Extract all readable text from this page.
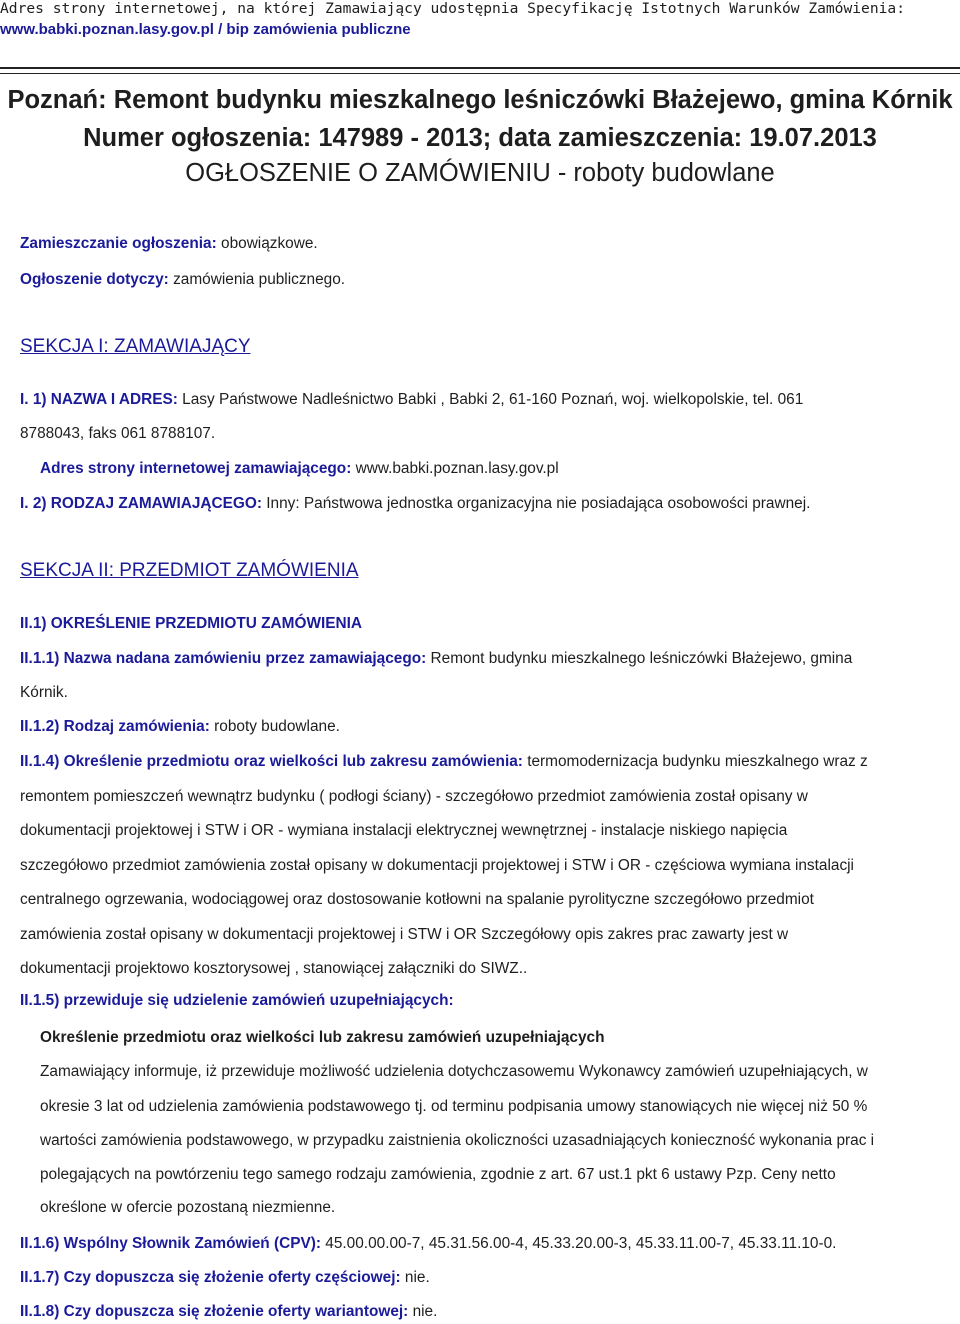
Adres strony internetowej, na której Zamawiający udostępnia Specyfikację Istotnych Warunków Zamówienia:
www.babki.poznan.lasy.gov.pl / bip zamówienia publiczne
Poznań: Remont budynku mieszkalnego leśniczówki Błażejewo, gmina Kórnik
Numer ogłoszenia: 147989 - 2013; data zamieszczenia: 19.07.2013
OGŁOSZENIE O ZAMÓWIENIU - roboty budowlane
Zamieszczanie ogłoszenia: obowiązkowe.
Ogłoszenie dotyczy: zamówienia publicznego.
SEKCJA I: ZAMAWIAJĄCY
I. 1) NAZWA I ADRES: Lasy Państwowe Nadleśnictwo Babki , Babki 2, 61-160 Poznań, woj. wielkopolskie, tel. 061
8788043, faks 061 8788107.
Adres strony internetowej zamawiającego: www.babki.poznan.lasy.gov.pl
I. 2) RODZAJ ZAMAWIAJĄCEGO: Inny: Państwowa jednostka organizacyjna nie posiadająca osobowości prawnej.
SEKCJA II: PRZEDMIOT ZAMÓWIENIA
II.1) OKREŚLENIE PRZEDMIOTU ZAMÓWIENIA
II.1.1) Nazwa nadana zamówieniu przez zamawiającego: Remont budynku mieszkalnego leśniczówki Błażejewo, gmina
Kórnik.
II.1.2) Rodzaj zamówienia: roboty budowlane.
II.1.4) Określenie przedmiotu oraz wielkości lub zakresu zamówienia: termomodernizacja budynku mieszkalnego wraz z
remontem pomieszczeń wewnątrz budynku ( podłogi ściany) - szczegółowo przedmiot zamówienia został opisany w
dokumentacji projektowej i STW i OR - wymiana instalacji elektrycznej wewnętrznej - instalacje niskiego napięcia
szczegółowo przedmiot zamówienia został opisany w dokumentacji projektowej i STW i OR - częściowa wymiana instalacji
centralnego ogrzewania, wodociągowej oraz dostosowanie kotłowni na spalanie pyrolityczne szczegółowo przedmiot
zamówienia został opisany w dokumentacji projektowej i STW i OR Szczegółowy opis zakres prac zawarty jest w
dokumentacji projektowo kosztorysowej , stanowiącej załączniki do SIWZ..
II.1.5) przewiduje się udzielenie zamówień uzupełniających:
Określenie przedmiotu oraz wielkości lub zakresu zamówień uzupełniających
Zamawiający informuje, iż przewiduje możliwość udzielenia dotychczasowemu Wykonawcy zamówień uzupełniających, w
okresie 3 lat od udzielenia zamówienia podstawowego tj. od terminu podpisania umowy stanowiących nie więcej niż 50 %
wartości zamówienia podstawowego, w przypadku zaistnienia okoliczności uzasadniających konieczność wykonania prac i
polegających na powtórzeniu tego samego rodzaju zamówienia, zgodnie z art. 67 ust.1 pkt 6 ustawy Pzp. Ceny netto
określone w ofercie pozostaną niezmienne.
II.1.6) Wspólny Słownik Zamówień (CPV): 45.00.00.00-7, 45.31.56.00-4, 45.33.20.00-3, 45.33.11.00-7, 45.33.11.10-0.
II.1.7) Czy dopuszcza się złożenie oferty częściowej: nie.
II.1.8) Czy dopuszcza się złożenie oferty wariantowej: nie.
